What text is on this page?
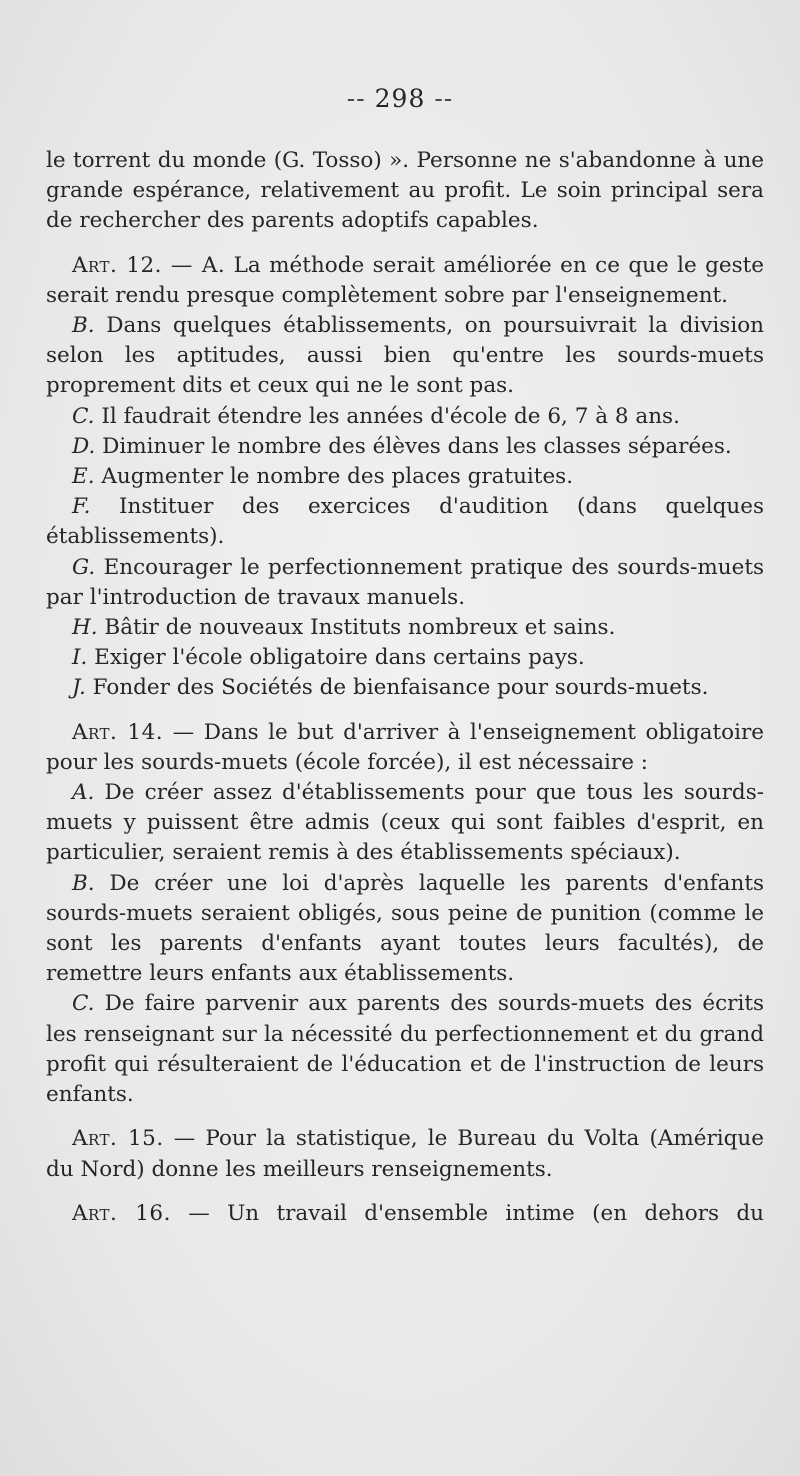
-- 298 --

le torrent du monde (G. Tosso) ». Personne ne s'abandonne à une grande espérance, relativement au profit. Le soin principal sera de rechercher des parents adoptifs capables.

Art. 12. — A. La méthode serait améliorée en ce que le geste serait rendu presque complètement sobre par l'enseignement.

B. Dans quelques établissements, on poursuivrait la division selon les aptitudes, aussi bien qu'entre les sourds-muets proprement dits et ceux qui ne le sont pas.

C. Il faudrait étendre les années d'école de 6, 7 à 8 ans.

D. Diminuer le nombre des élèves dans les classes séparées.

E. Augmenter le nombre des places gratuites.

F. Instituer des exercices d'audition (dans quelques établissements).

G. Encourager le perfectionnement pratique des sourds-muets par l'introduction de travaux manuels.

H. Bâtir de nouveaux Instituts nombreux et sains.

I. Exiger l'école obligatoire dans certains pays.

J. Fonder des Sociétés de bienfaisance pour sourds-muets.

Art. 14. — Dans le but d'arriver à l'enseignement obligatoire pour les sourds-muets (école forcée), il est nécessaire :

A. De créer assez d'établissements pour que tous les sourds-muets y puissent être admis (ceux qui sont faibles d'esprit, en particulier, seraient remis à des établissements spéciaux).

B. De créer une loi d'après laquelle les parents d'enfants sourds-muets seraient obligés, sous peine de punition (comme le sont les parents d'enfants ayant toutes leurs facultés), de remettre leurs enfants aux établissements.

C. De faire parvenir aux parents des sourds-muets des écrits les renseignant sur la nécessité du perfectionnement et du grand profit qui résulteraient de l'éducation et de l'instruction de leurs enfants.

Art. 15. — Pour la statistique, le Bureau du Volta (Amérique du Nord) donne les meilleurs renseignements.

Art. 16. — Un travail d'ensemble intime (en dehors du
